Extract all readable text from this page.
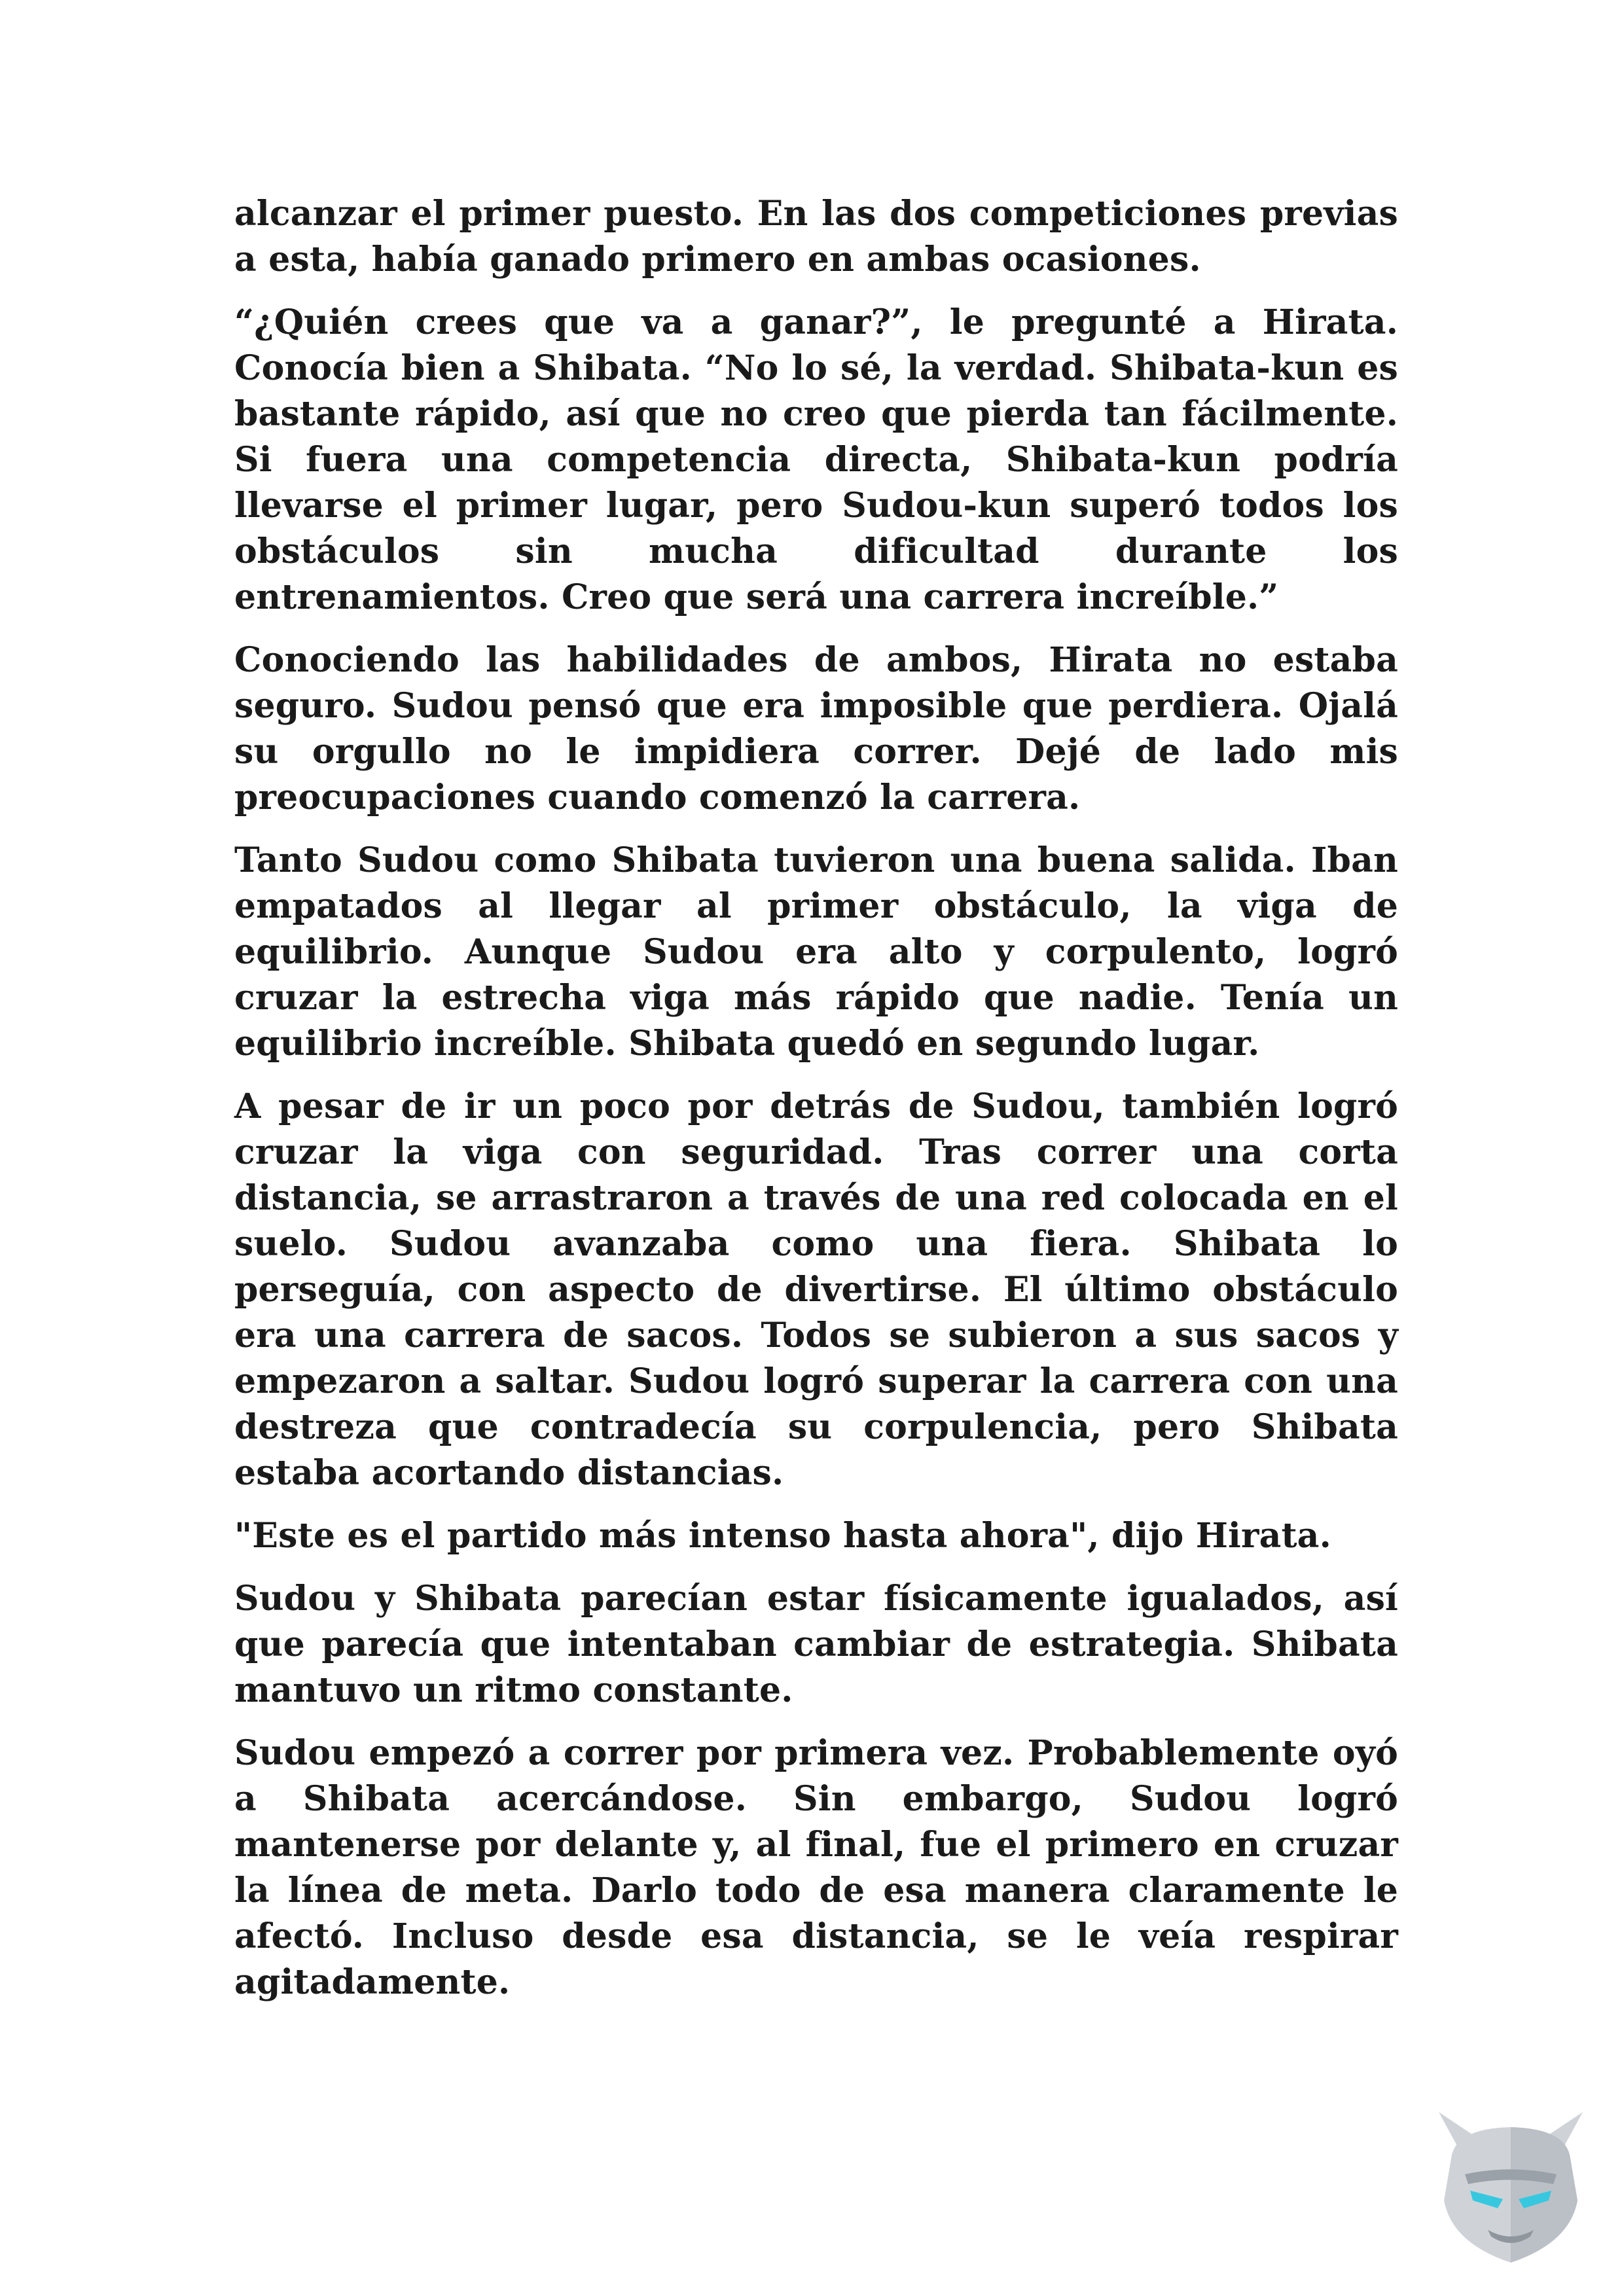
alcanzar el primer puesto. En las dos competiciones previas a esta, había ganado primero en ambas ocasiones.

“¿Quién crees que va a ganar?”, le pregunté a Hirata. Conocía bien a Shibata. “No lo sé, la verdad. Shibata-kun es bastante rápido, así que no creo que pierda tan fácilmente. Si fuera una competencia directa, Shibata-kun podría llevarse el primer lugar, pero Sudou-kun superó todos los obstáculos sin mucha dificultad durante los entrenamientos. Creo que será una carrera increíble.”

Conociendo las habilidades de ambos, Hirata no estaba seguro. Sudou pensó que era imposible que perdiera. Ojalá su orgullo no le impidiera correr. Dejé de lado mis preocupaciones cuando comenzó la carrera.

Tanto Sudou como Shibata tuvieron una buena salida. Iban empatados al llegar al primer obstáculo, la viga de equilibrio. Aunque Sudou era alto y corpulento, logró cruzar la estrecha viga más rápido que nadie. Tenía un equilibrio increíble. Shibata quedó en segundo lugar.

A pesar de ir un poco por detrás de Sudou, también logró cruzar la viga con seguridad. Tras correr una corta distancia, se arrastraron a través de una red colocada en el suelo. Sudou avanzaba como una fiera. Shibata lo perseguía, con aspecto de divertirse. El último obstáculo era una carrera de sacos. Todos se subieron a sus sacos y empezaron a saltar. Sudou logró superar la carrera con una destreza que contradecía su corpulencia, pero Shibata estaba acortando distancias.

"Este es el partido más intenso hasta ahora", dijo Hirata.

Sudou y Shibata parecían estar físicamente igualados, así que parecía que intentaban cambiar de estrategia. Shibata mantuvo un ritmo constante.

Sudou empezó a correr por primera vez. Probablemente oyó a Shibata acercándose. Sin embargo, Sudou logró mantenerse por delante y, al final, fue el primero en cruzar la línea de meta. Darlo todo de esa manera claramente le afectó. Incluso desde esa distancia, se le veía respirar agitadamente.
